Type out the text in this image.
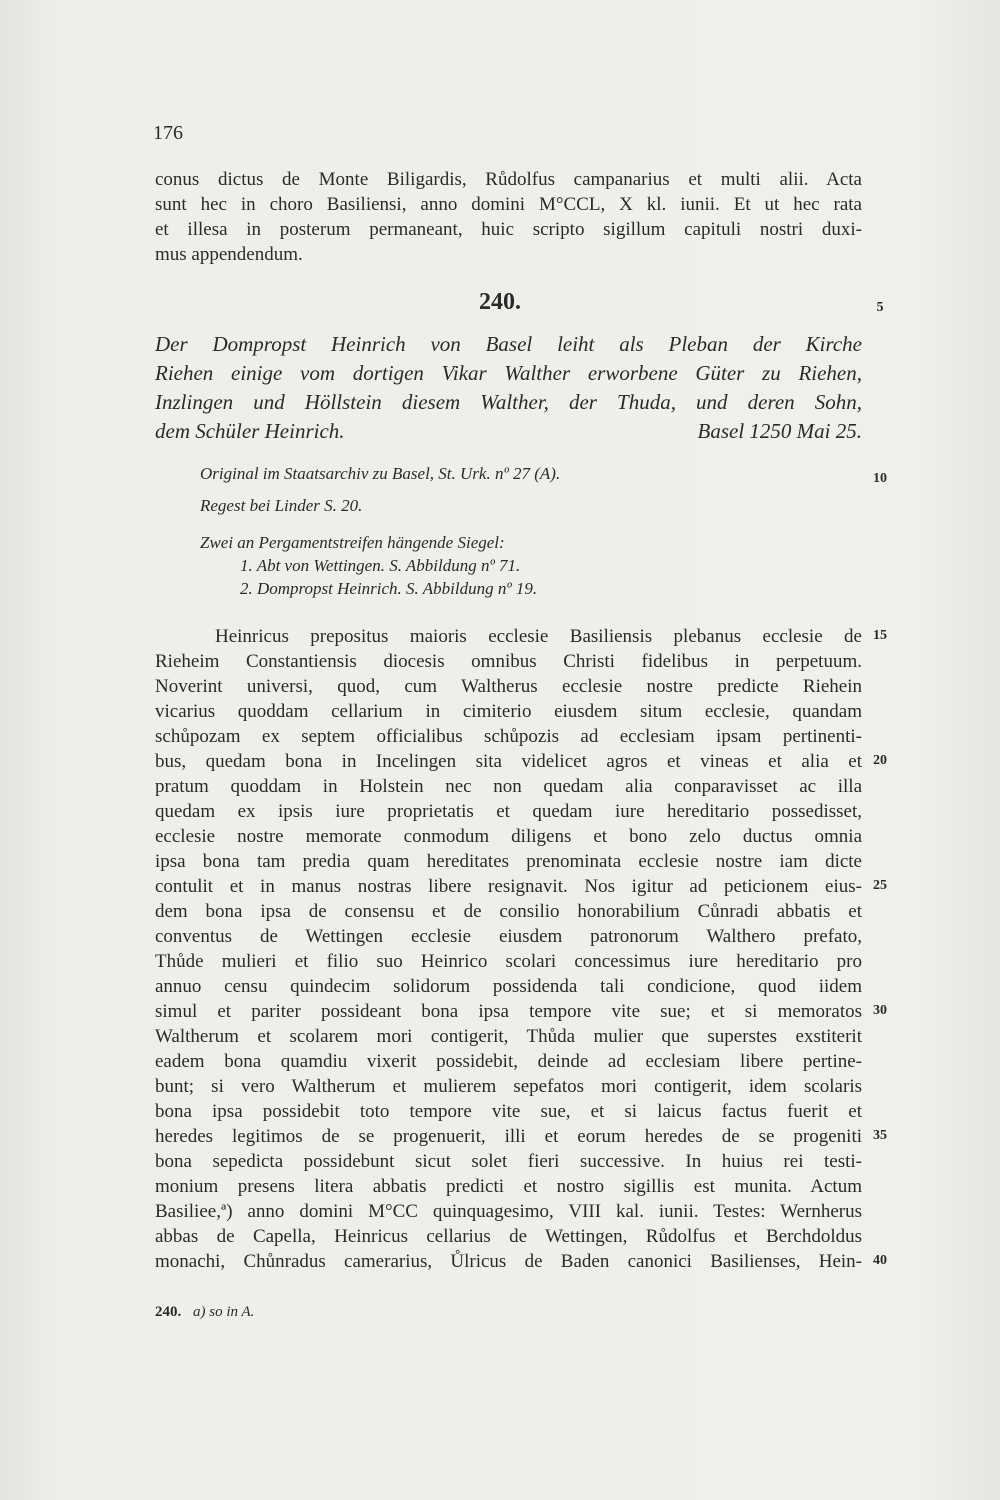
176
conus dictus de Monte Biligardis, Růdolfus campanarius et multi alii. Acta
sunt hec in choro Basiliensi, anno domini M°CCL, X kl. iunii. Et ut hec rata
et illesa in posterum permaneant, huic scripto sigillum capituli nostri duxi-
mus appendendum.
240.
Der Dompropst Heinrich von Basel leiht als Pleban der Kirche
Riehen einige vom dortigen Vikar Walther erworbene Güter zu Riehen,
Inzlingen und Höllstein diesem Walther, der Thuda, und deren Sohn,
dem Schüler Heinrich.	Basel 1250 Mai 25.
Original im Staatsarchiv zu Basel, St. Urk. nº 27 (A).
Regest bei Linder S. 20.
Zwei an Pergamentstreifen hängende Siegel:
1. Abt von Wettingen. S. Abbildung nº 71.
2. Dompropst Heinrich. S. Abbildung nº 19.
Heinricus prepositus maioris ecclesie Basiliensis plebanus ecclesie de
Rieheim Constantiensis diocesis omnibus Christi fidelibus in perpetuum.
Noverint universi, quod, cum Waltherus ecclesie nostre predicte Riehein
vicarius quoddam cellarium in cimiterio eiusdem situm ecclesie, quandam
schůpozam ex septem officialibus schůpozis ad ecclesiam ipsam pertinenti-
bus, quedam bona in Incelingen sita videlicet agros et vineas et alia et
pratum quoddam in Holstein nec non quedam alia conparavisset ac illa
quedam ex ipsis iure proprietatis et quedam iure hereditario possedisset,
ecclesie nostre memorate conmodum diligens et bono zelo ductus omnia
ipsa bona tam predia quam hereditates prenominata ecclesie nostre iam dicte
contulit et in manus nostras libere resignavit. Nos igitur ad peticionem eius-
dem bona ipsa de consensu et de consilio honorabilium Cůnradi abbatis et
conventus de Wettingen ecclesie eiusdem patronorum Walthero prefato,
Thůde mulieri et filio suo Heinrico scolari concessimus iure hereditario pro
annuo censu quindecim solidorum possidenda tali condicione, quod iidem
simul et pariter possideant bona ipsa tempore vite sue; et si memoratos
Waltherum et scolarem mori contigerit, Thůda mulier que superstes exstiterit
eadem bona quamdiu vixerit possidebit, deinde ad ecclesiam libere pertine-
bunt; si vero Waltherum et mulierem sepefatos mori contigerit, idem scolaris
bona ipsa possidebit toto tempore vite sue, et si laicus factus fuerit et
heredes legitimos de se progenuerit, illi et eorum heredes de se progeniti
bona sepedicta possidebunt sicut solet fieri successive. In huius rei testi-
monium presens litera abbatis predicti et nostro sigillis est munita. Actum
Basiliee,ª) anno domini M°CC quinquagesimo, VIII kal. iunii. Testes: Wernherus
abbas de Capella, Heinricus cellarius de Wettingen, Růdolfus et Berchdoldus
monachi, Chůnradus camerarius, Ůlricus de Baden canonici Basilienses, Hein-
5
10
15
20
25
30
35
40
240. a) so in A.
